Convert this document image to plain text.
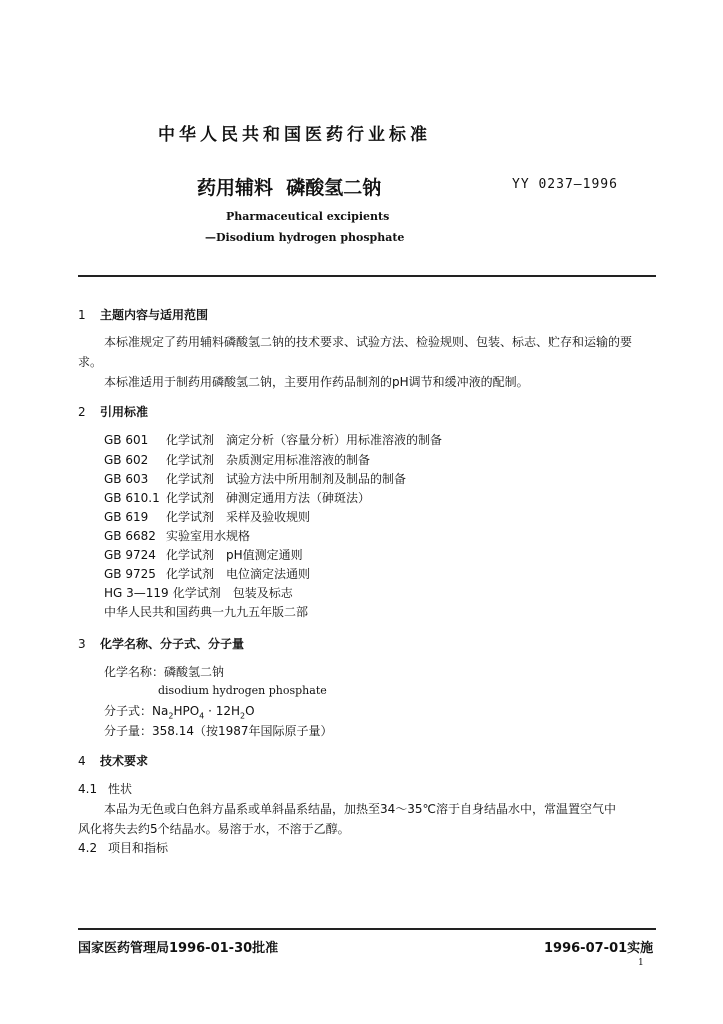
中华人民共和国医药行业标准
药用辅料  磷酸氢二钠	YY 0237—1996
Pharmaceutical excipients
—Disodium hydrogen phosphate
1 主题内容与适用范围
本标准规定了药用辅料磷酸氢二钠的技术要求、试验方法、检验规则、包装、标志、贮存和运输的要
求。
本标准适用于制药用磷酸氢二钠，主要用作药品制剂的pH调节和缓冲液的配制。
2 引用标准
GB 601 化学试剂 滴定分析（容量分析）用标准溶液的制备
GB 602 化学试剂 杂质测定用标准溶液的制备
GB 603 化学试剂 试验方法中所用制剂及制品的制备
GB 610.1 化学试剂 砷测定通用方法（砷斑法）
GB 619 化学试剂 采样及验收规则
GB 6682 实验室用水规格
GB 9724 化学试剂 pH值测定通则
GB 9725 化学试剂 电位滴定法通则
HG 3—119 化学试剂 包装及标志
中华人民共和国药典一九九五年版二部
3 化学名称、分子式、分子量
化学名称：磷酸氢二钠
disodium hydrogen phosphate
分子式：$Na_2HPO_4 \cdot 12H_2O$
分子量：358.14（按1987年国际原子量）
4 技术要求
4.1 性状
本品为无色或白色斜方晶系或单斜晶系结晶，加热至34～35℃溶于自身结晶水中，常温置空气中
风化将失去约5个结晶水。易溶于水，不溶于乙醇。
4.2 项目和指标
国家医药管理局1996-01-30批准	1996-07-01实施
1
